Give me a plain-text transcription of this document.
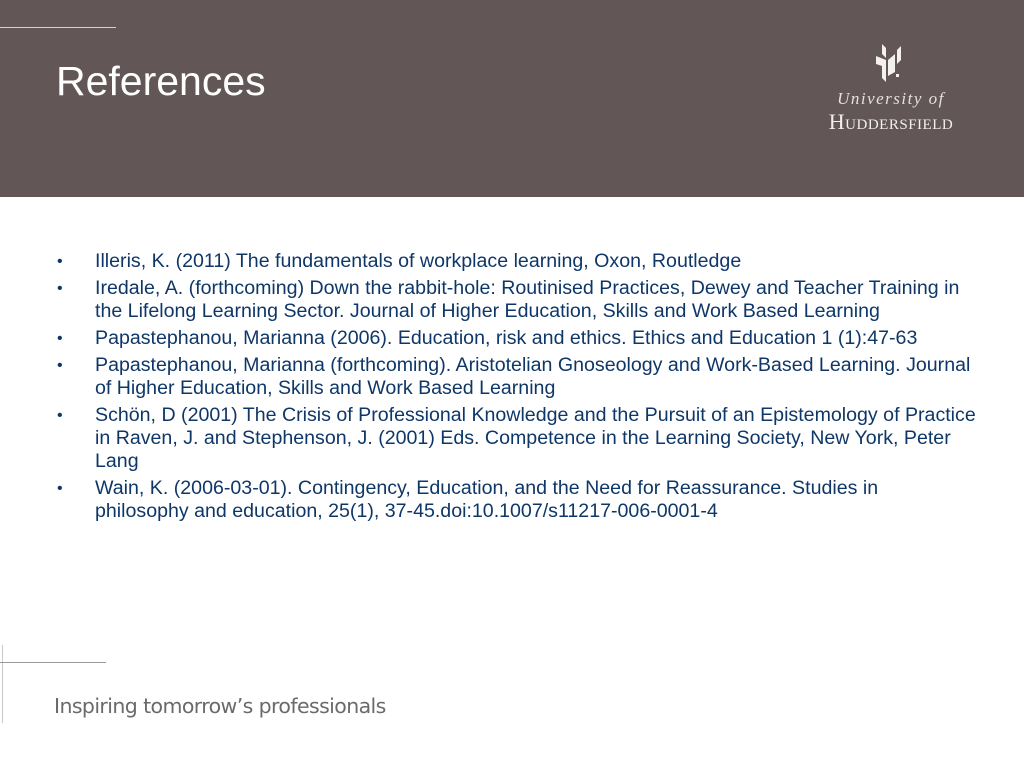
References	University of
Huddersfield
• Illeris, K. (2011) The fundamentals of workplace learning, Oxon, Routledge
• Iredale, A. (forthcoming) Down the rabbit-hole: Routinised Practices, Dewey and Teacher Training in the Lifelong Learning Sector. Journal of Higher Education, Skills and Work Based Learning
• Papastephanou, Marianna (2006). Education, risk and ethics. Ethics and Education 1 (1):47-63
• Papastephanou, Marianna (forthcoming). Aristotelian Gnoseology and Work-Based Learning. Journal of Higher Education, Skills and Work Based Learning
• Schön, D (2001) The Crisis of Professional Knowledge and the Pursuit of an Epistemology of Practice in Raven, J. and Stephenson, J. (2001) Eds. Competence in the Learning Society, New York, Peter Lang
• Wain, K. (2006-03-01). Contingency, Education, and the Need for Reassurance. Studies in philosophy and education, 25(1), 37-45.doi:10.1007/s11217-006-0001-4
Inspiring tomorrow’s professionals
